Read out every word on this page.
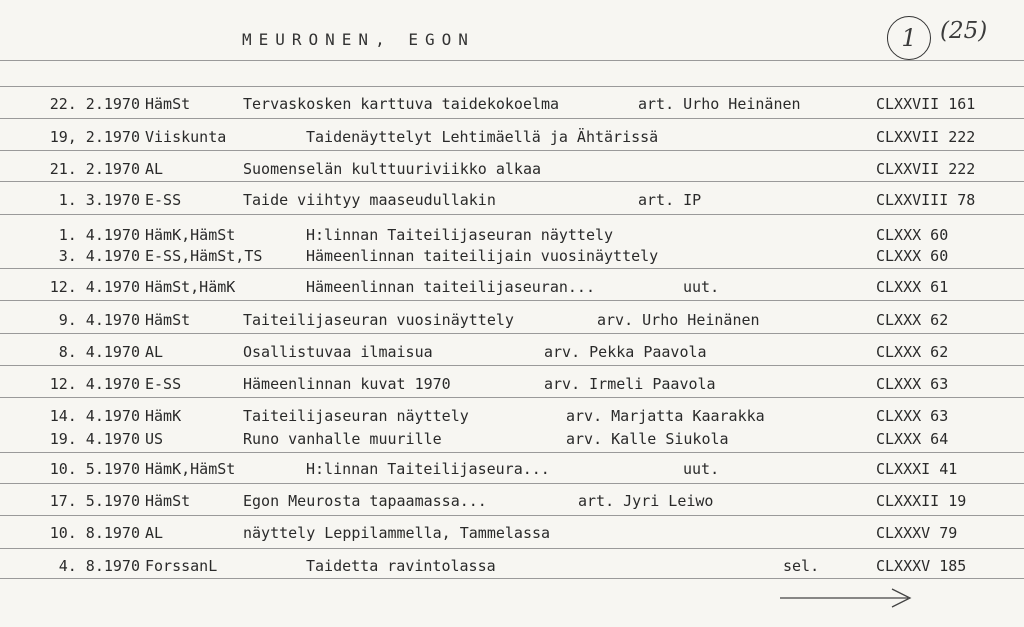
MEURONEN, EGON	1	(25)
22. 2.1970 HämSt	Tervaskosken karttuva taidekokoelma	art. Urho Heinänen	CLXXVII 161
19, 2.1970 Viiskunta	Taidenäyttelyt Lehtimäellä ja Ähtärissä	CLXXVII 222
21. 2.1970 AL	Suomenselän kulttuuriviikko alkaa	CLXXVII 222
1. 3.1970 E-SS	Taide viihtyy maaseudullakin	art. IP	CLXXVIII 78
1. 4.1970 HämK,HämSt	H:linnan Taiteilijaseuran näyttely	CLXXX 60
3. 4.1970 E-SS,HämSt,TS	Hämeenlinnan taiteilijain vuosinäyttely	CLXXX 60
12. 4.1970 HämSt,HämK	Hämeenlinnan taiteilijaseuran...	uut.	CLXXX 61
9. 4.1970 HämSt	Taiteilijaseuran vuosinäyttely	arv. Urho Heinänen	CLXXX 62
8. 4.1970 AL	Osallistuvaa ilmaisua	arv. Pekka Paavola	CLXXX 62
12. 4.1970 E-SS	Hämeenlinnan kuvat 1970	arv. Irmeli Paavola	CLXXX 63
14. 4.1970 HämK	Taiteilijaseuran näyttely	arv. Marjatta Kaarakka	CLXXX 63
19. 4.1970 US	Runo vanhalle muurille	arv. Kalle Siukola	CLXXX 64
10. 5.1970 HämK,HämSt	H:linnan Taiteilijaseura...	uut.	CLXXXI 41
17. 5.1970 HämSt	Egon Meurosta tapaamassa...	art. Jyri Leiwo	CLXXXII 19
10. 8.1970 AL	näyttely Leppilammella, Tammelassa	CLXXXV 79
4. 8.1970 ForssanL	Taidetta ravintolassa	sel.	CLXXXV 185
